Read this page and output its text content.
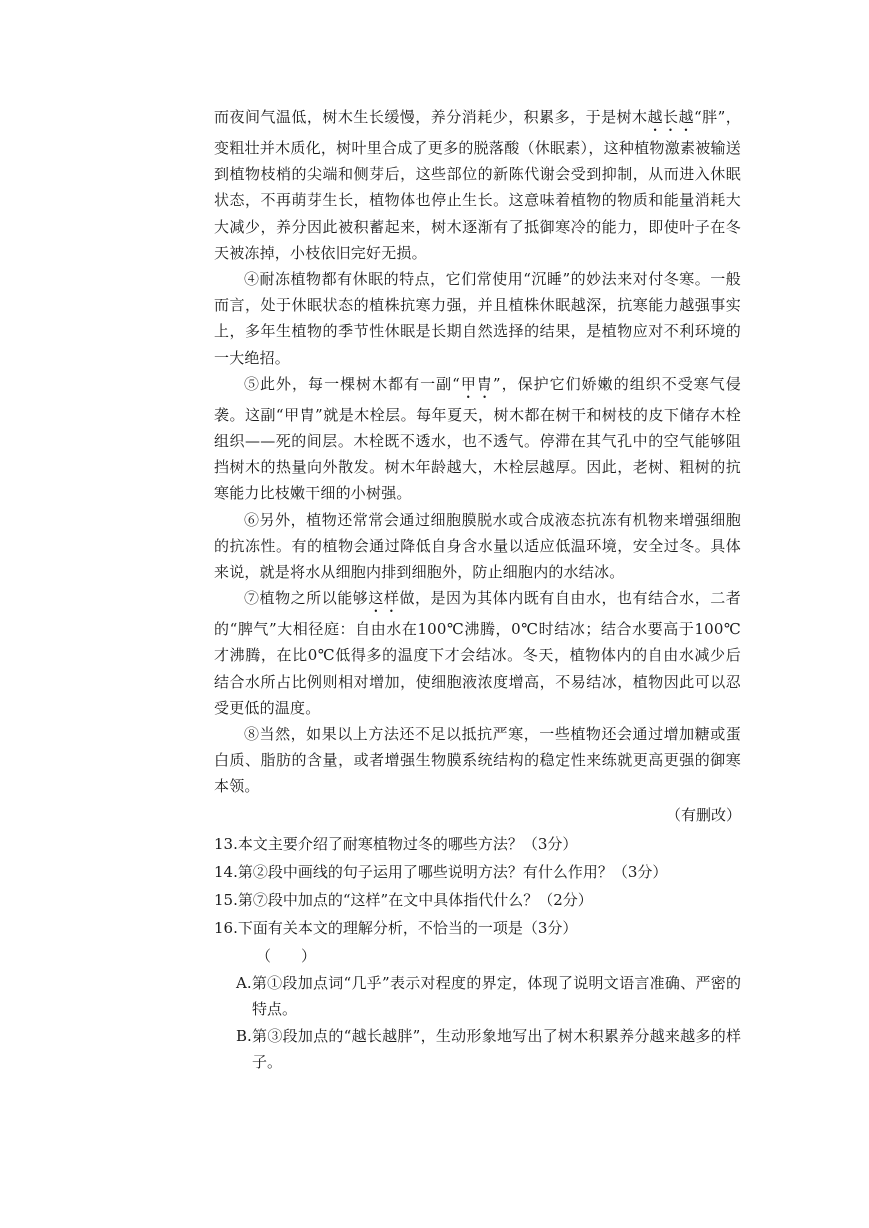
而夜间气温低，树木生长缓慢，养分消耗少，积累多，于是树木越长越“胖”，变粗壮并木质化，树叶里合成了更多的脱落酸（休眠素），这种植物激素被输送到植物枝梢的尖端和侧芽后，这些部位的新陈代谢会受到抑制，从而进入休眠状态，不再萌芽生长，植物体也停止生长。这意味着植物的物质和能量消耗大大减少，养分因此被积蓄起来，树木逐渐有了抵御寒冷的能力，即使叶子在冬天被冻掉，小枝依旧完好无损。

④耐冻植物都有休眠的特点，它们常使用“沉睡”的妙法来对付冬寒。一般而言，处于休眠状态的植株抗寒力强，并且植株休眠越深，抗寒能力越强事实上，多年生植物的季节性休眠是长期自然选择的结果，是植物应对不利环境的一大绝招。

⑤此外，每一棵树木都有一副“甲胄”，保护它们娇嫩的组织不受寒气侵袭。这副“甲胄”就是木栓层。每年夏天，树木都在树干和树枝的皮下储存木栓组织——死的间层。木栓既不透水，也不透气。停滞在其气孔中的空气能够阻挡树木的热量向外散发。树木年龄越大，木栓层越厚。因此，老树、粗树的抗寒能力比枝嫩干细的小树强。

⑥另外，植物还常常会通过细胞膜脱水或合成液态抗冻有机物来增强细胞的抗冻性。有的植物会通过降低自身含水量以适应低温环境，安全过冬。具体来说，就是将水从细胞内排到细胞外，防止细胞内的水结冰。

⑦植物之所以能够这样做，是因为其体内既有自由水，也有结合水，二者的“脾气”大相径庭：自由水在100℃沸腾，0℃时结冰；结合水要高于100℃才沸腾，在比0℃低得多的温度下才会结冰。冬天，植物体内的自由水减少后结合水所占比例则相对增加，使细胞液浓度增高，不易结冰，植物因此可以忍受更低的温度。

⑧当然，如果以上方法还不足以抵抗严寒，一些植物还会通过增加糖或蛋白质、脂肪的含量，或者增强生物膜系统结构的稳定性来练就更高更强的御寒本领。

（有删改）

13.本文主要介绍了耐寒植物过冬的哪些方法？（3分）

14.第②段中画线的句子运用了哪些说明方法？有什么作用？（3分）

15.第⑦段中加点的“这样”在文中具体指代什么？（2分）

16.下面有关本文的理解分析，不恰当的一项是（3分）

（　　）

A.第①段加点词“几乎”表示对程度的界定，体现了说明文语言准确、严密的特点。

B.第③段加点的“越长越胖”，生动形象地写出了树木积累养分越来越多的样子。
